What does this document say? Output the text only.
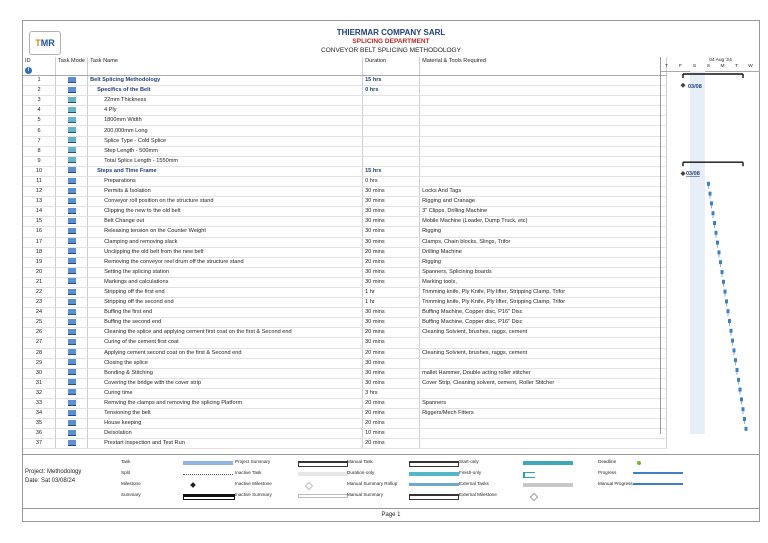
T MR
THIERMAR COMPANY SARL
SPLICING DEPARTMENT
CONVEYOR BELT SPLICING METHODOLOGY
ID
i	Task Mode	Task Name	Duration	Material & Tools Required
1		Belt Splicing Methodology	15 hrs	
2		Specifics of the Belt	0 hrs	
3		22mm Thickness		
4		4 Ply		
5		1800mm Width		
6		200,000mm Long		
7		Splice Type - Cold Splice		
8		Step Length - 500mm		
9		Total Splice Length - 1550mm		
10		Steps and Time Frame	15 hrs	
11		Preparations	0 hrs	
12		Permits & Isolation	30 mins	Locks And Tags
13		Conveyor roll position on the structure stand	30 mins	Rigging and Cranage
14		Clipping the new to the old belt	30 mins	3" Clipps, Drilling Machine
15		Belt Change out	30 mins	Mobile Machine (Loader, Dump Truck, etc)
16		Releasing tension on the Counter Weight	30 mins	Rigging
17		Clamping and removing slack	30 mins	Clamps, Chain blocks, Slings, Trifor
18		Unclipping the old belt from the new belt	20 mins	Drilling Machine
19		Removing the conveyor reel drum off the structure stand	20 mins	Rigging
20		Setting the splicing station	30 mins	Spanners, Splicining boards
21		Markings and calculations	30 mins	Marking tools,
22		Stripping off the first end	1 hr	Trimming knife, Ply Knife, Ply lifter, Stripping Clamp, Trifor
23		Stripping off the second end	1 hr	Trimming knife, Ply Knife, Ply lifter, Stripping Clamp, Trifor
24		Buffing the first end	30 mins	Buffing Machine, Copper disc, P16" Disc
25		Buffing the second end	30 mins	Buffing Machine, Copper disc, P16" Disc
26		Cleaning the splice and applying cement first coat on the first & Second end	20 mins	Cleaning Solvient, brushes, raggs, cement
27		Curing of the cement first coat	30 mins	
28		Applying cement second coat on the first & Second end	20 mins	Cleaning Solvient, brushes, raggs, cement
29		Closing the splice	30 mins	
30		Bonding & Stitching	30 mins	mallet Hammer, Double acting roller stitcher
31		Covering the bridge with the cover strip	30 mins	Cover Strip, Cleaning solvent, cement, Roller Stitcher
32		Curing time	3 hrs	
33		Remving the clamps and removing the splicing Platform	20 mins	Spanners
34		Tensioning the belt	20 mins	Riggers/Mech Fitters
35		House keeping	20 mins	
36		Deisolation	10 mins	
37		Prestart inspection and Test Run	20 mins	
04 Aug '24
T	F	S	S	M	T	W
03/08
03/08
Project: Methodology
Date: Sat 03/08/24
Task	Project Summary	Manual Task	Start-only	Deadline
Split	Inactive Task	Duration-only	Finish-only	Progress
Milestone	Inactive Milestone	Manual Summary Rollup	External Tasks	Manual Progress
Summary	Inactive Summary	Manual Summary	External Milestone
Page 1
